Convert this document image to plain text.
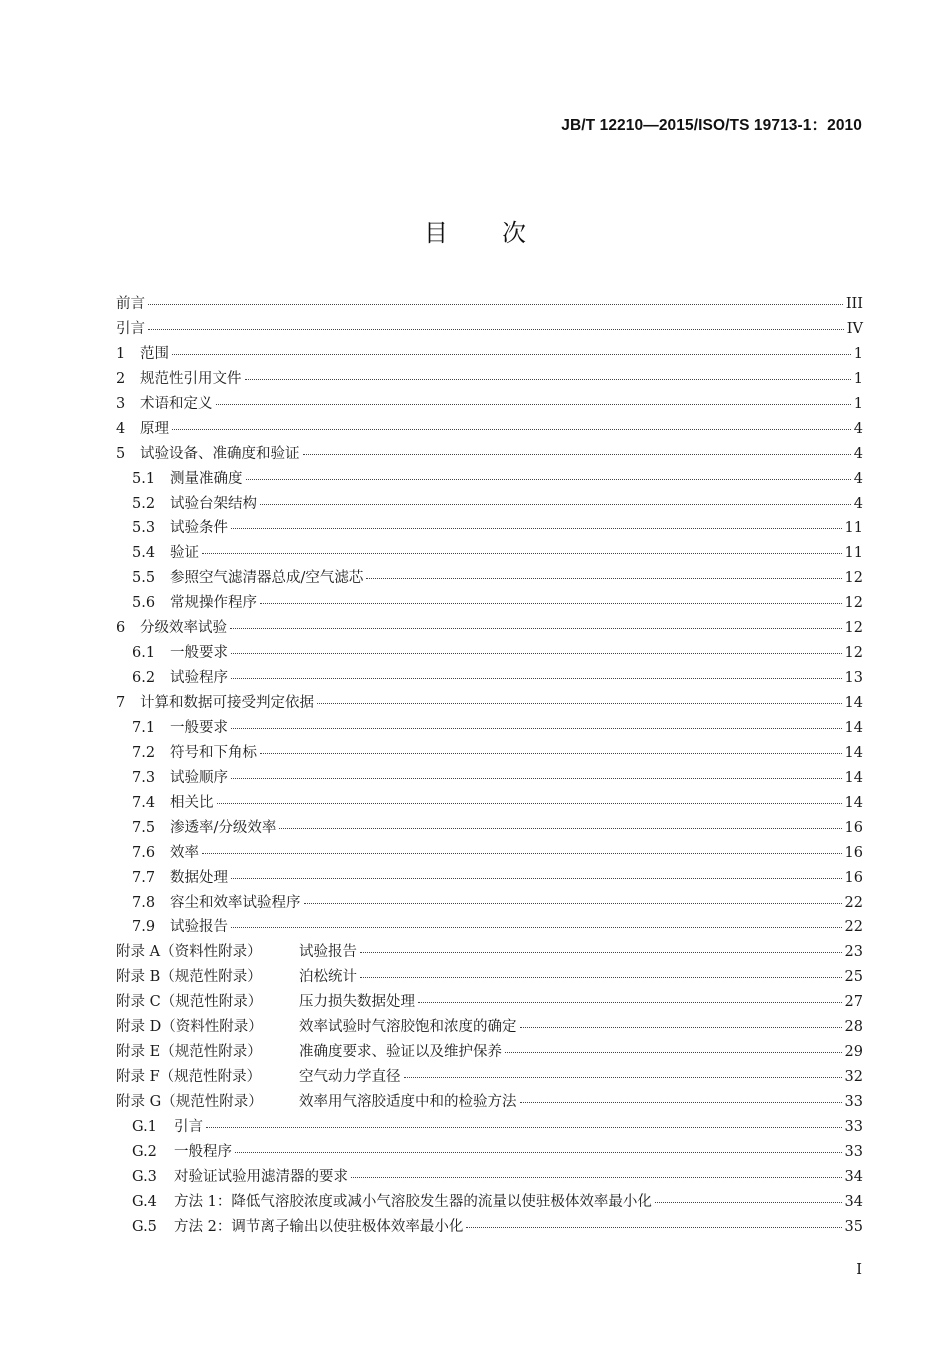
JB/T 12210—2015/ISO/TS 19713-1：2010
目次
前言	III
引言	IV
1	范围	1
2	规范性引用文件	1
3	术语和定义	1
4	原理	4
5	试验设备、准确度和验证	4
5.1	测量准确度	4
5.2	试验台架结构	4
5.3	试验条件	11
5.4	验证	11
5.5	参照空气滤清器总成/空气滤芯	12
5.6	常规操作程序	12
6	分级效率试验	12
6.1	一般要求	12
6.2	试验程序	13
7	计算和数据可接受判定依据	14
7.1	一般要求	14
7.2	符号和下角标	14
7.3	试验顺序	14
7.4	相关比	14
7.5	渗透率/分级效率	16
7.6	效率	16
7.7	数据处理	16
7.8	容尘和效率试验程序	22
7.9	试验报告	22
附录 A（资料性附录）	试验报告	23
附录 B（规范性附录）	泊松统计	25
附录 C（规范性附录）	压力损失数据处理	27
附录 D（资料性附录）	效率试验时气溶胶饱和浓度的确定	28
附录 E（规范性附录）	准确度要求、验证以及维护保养	29
附录 F（规范性附录）	空气动力学直径	32
附录 G（规范性附录）	效率用气溶胶适度中和的检验方法	33
G.1	引言	33
G.2	一般程序	33
G.3	对验证试验用滤清器的要求	34
G.4	方法 1：降低气溶胶浓度或减小气溶胶发生器的流量以使驻极体效率最小化	34
G.5	方法 2：调节离子输出以使驻极体效率最小化	35
I
